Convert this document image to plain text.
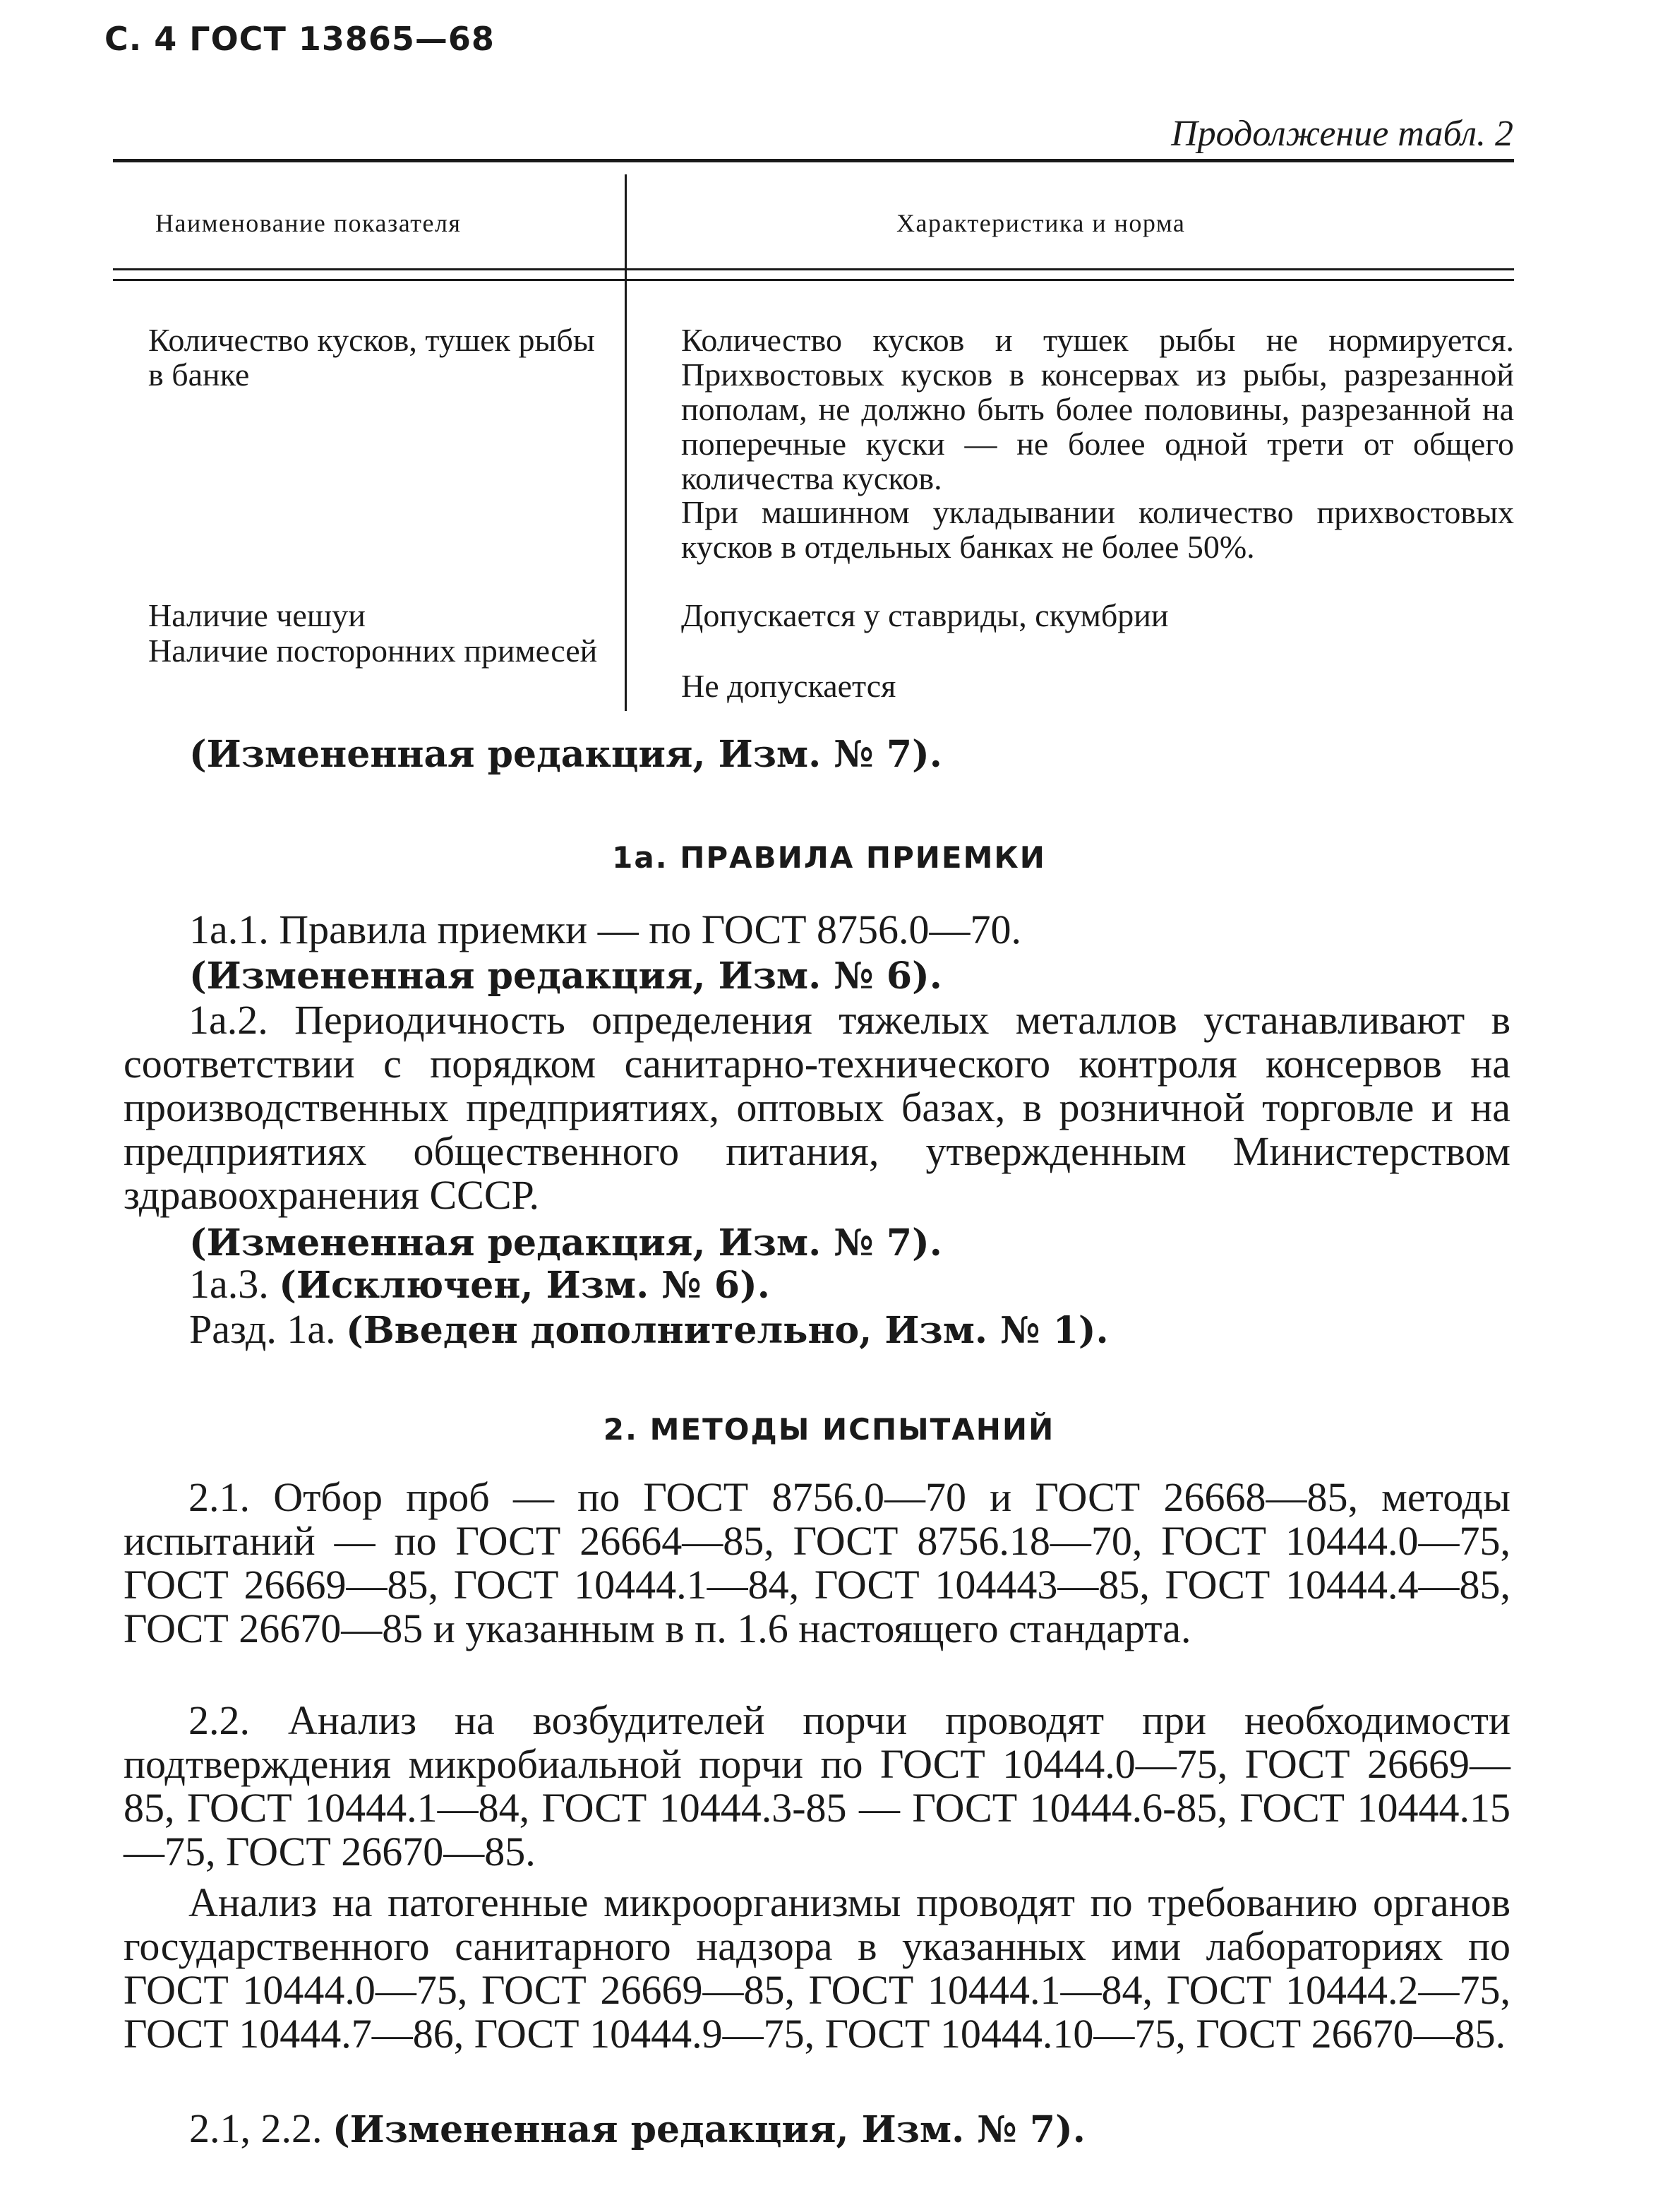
С. 4 ГОСТ 13865—68
Продолжение табл. 2
Наименование показателя	Характеристика и норма
Количество кусков, тушек рыбы в банке
Количество кусков и тушек рыбы не нормируется. Прихвостовых кусков в консервах из рыбы, разрезанной пополам, не должно быть более половины, разрезанной на поперечные куски — не более одной трети от общего количества кусков.
При машинном укладывании количество прихвостовых кусков в отдельных банках не более 50%.
Наличие чешуи	Допускается у ставриды, скумбрии
Наличие посторонних примесей
Не допускается
(Измененная редакция, Изм. № 7).
1а. ПРАВИЛА ПРИЕМКИ
1а.1. Правила приемки — по ГОСТ 8756.0—70.
(Измененная редакция, Изм. № 6).
1а.2. Периодичность определения тяжелых металлов устанавливают в соответствии с порядком санитарно-технического контроля консервов на производственных предприятиях, оптовых базах, в розничной торговле и на предприятиях общественного питания, утвержденным Министерством здравоохранения СССР.
(Измененная редакция, Изм. № 7).
1а.3. (Исключен, Изм. № 6).
Разд. 1а. (Введен дополнительно, Изм. № 1).
2. МЕТОДЫ ИСПЫТАНИЙ
2.1. Отбор проб — по ГОСТ 8756.0—70 и ГОСТ 26668—85, методы испытаний — по ГОСТ 26664—85, ГОСТ 8756.18—70, ГОСТ 10444.0—75, ГОСТ 26669—85, ГОСТ 10444.1—84, ГОСТ 104443—85, ГОСТ 10444.4—85, ГОСТ 26670—85 и указанным в п. 1.6 настоящего стандарта.
2.2. Анализ на возбудителей порчи проводят при необходимости подтверждения микробиальной порчи по ГОСТ 10444.0—75, ГОСТ 26669—85, ГОСТ 10444.1—84, ГОСТ 10444.3-85 — ГОСТ 10444.6-85, ГОСТ 10444.15—75, ГОСТ 26670—85.
Анализ на патогенные микроорганизмы проводят по требованию органов государственного санитарного надзора в указанных ими лабораториях по ГОСТ 10444.0—75, ГОСТ 26669—85, ГОСТ 10444.1—84, ГОСТ 10444.2—75, ГОСТ 10444.7—86, ГОСТ 10444.9—75, ГОСТ 10444.10—75, ГОСТ 26670—85.
2.1, 2.2. (Измененная редакция, Изм. № 7).
